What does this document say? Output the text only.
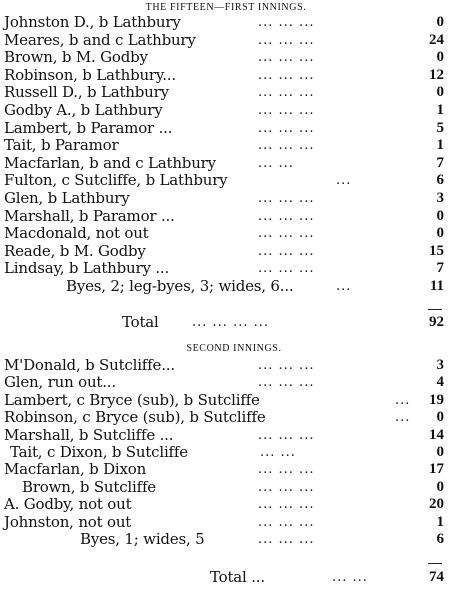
THE FIFTEEN—FIRST INNINGS.
Johnston D., b Lathbury	... ... ...	0
Meares, b and c Lathbury	... ... ...	24
Brown, b M. Godby	... ... ...	0
Robinson, b Lathbury...	... ... ...	12
Russell D., b Lathbury	... ... ...	0
Godby A., b Lathbury	... ... ...	1
Lambert, b Paramor ...	... ... ...	5
Tait, b Paramor	... ... ...	1
Macfarlan, b and c Lathbury	... ...	7
Fulton, c Sutcliffe, b Lathbury	...	6
Glen, b Lathbury	... ... ...	3
Marshall, b Paramor ...	... ... ...	0
Macdonald, not out	... ... ...	0
Reade, b M. Godby	... ... ...	15
Lindsay, b Lathbury ...	... ... ...	7
Byes, 2; leg-byes, 3; wides, 6...	...	11
Total	... ... ... ...	92
SECOND INNINGS.
M'Donald, b Sutcliffe...	... ... ...	3
Glen, run out...	... ... ...	4
Lambert, c Bryce (sub), b Sutcliffe	...	19
Robinson, c Bryce (sub), b Sutcliffe	...	0
Marshall, b Sutcliffe ...	... ... ...	14
Tait, c Dixon, b Sutcliffe	... ...	0
Macfarlan, b Dixon	... ... ...	17
Brown, b Sutcliffe	... ... ...	0
A. Godby, not out	... ... ...	20
Johnston, not out	... ... ...	1
Byes, 1; wides, 5	... ... ...	6
Total ...	... ...	74
